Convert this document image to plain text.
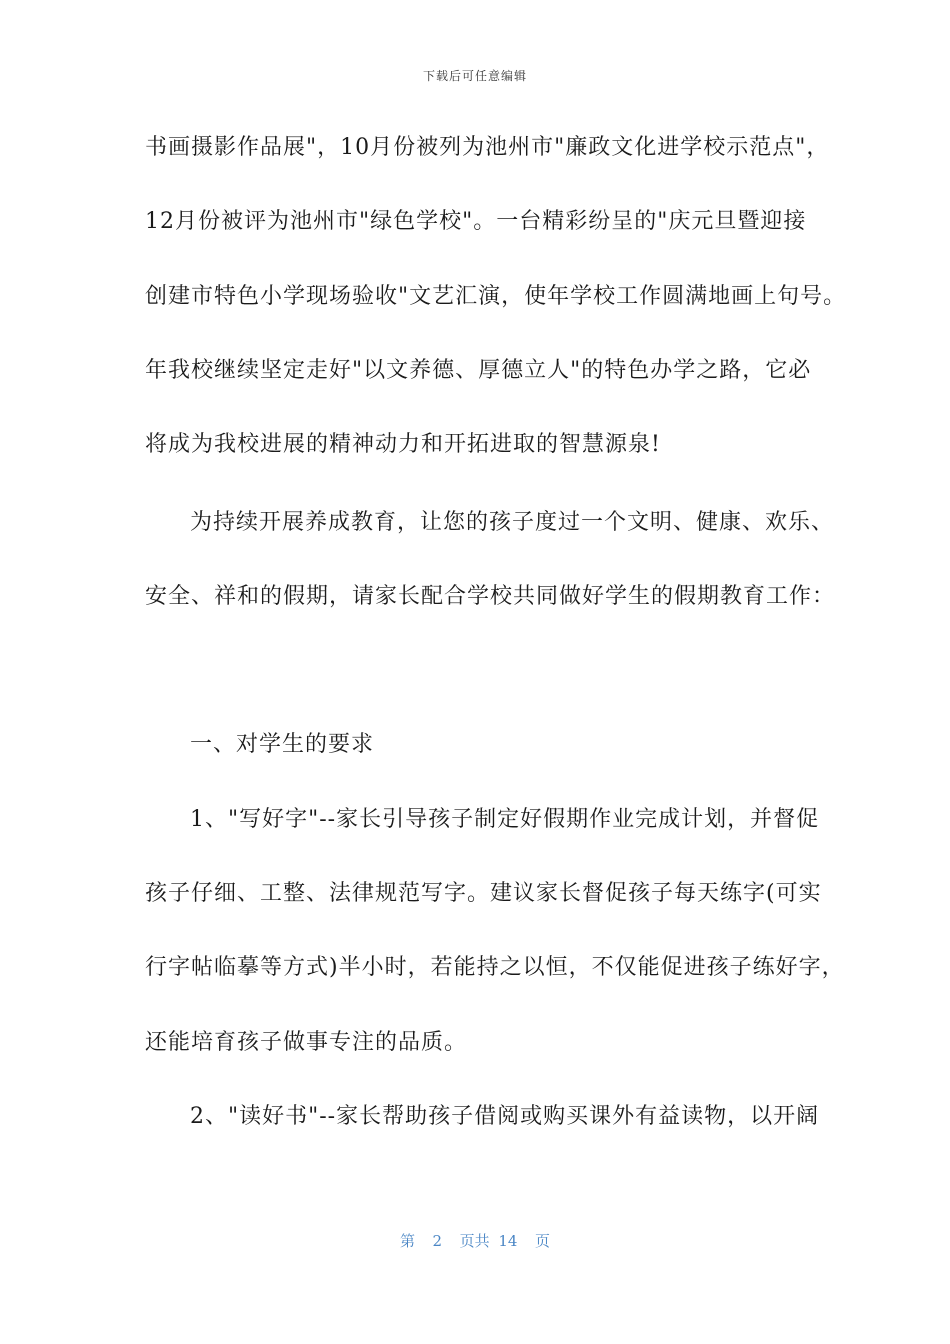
下载后可任意编辑
书画摄影作品展"，10月份被列为池州市"廉政文化进学校示范点"，
12月份被评为池州市"绿色学校"。一台精彩纷呈的"庆元旦暨迎接
创建市特色小学现场验收"文艺汇演，使年学校工作圆满地画上句号。
年我校继续坚定走好"以文养德、厚德立人"的特色办学之路，它必
将成为我校进展的精神动力和开拓进取的智慧源泉!
为持续开展养成教育，让您的孩子度过一个文明、健康、欢乐、
安全、祥和的假期，请家长配合学校共同做好学生的假期教育工作：
一、对学生的要求
1、"写好字"--家长引导孩子制定好假期作业完成计划，并督促
孩子仔细、工整、法律规范写字。建议家长督促孩子每天练字(可实
行字帖临摹等方式)半小时，若能持之以恒，不仅能促进孩子练好字，
还能培育孩子做事专注的品质。
2、"读好书"--家长帮助孩子借阅或购买课外有益读物，以开阔
第  2  页共 14  页
